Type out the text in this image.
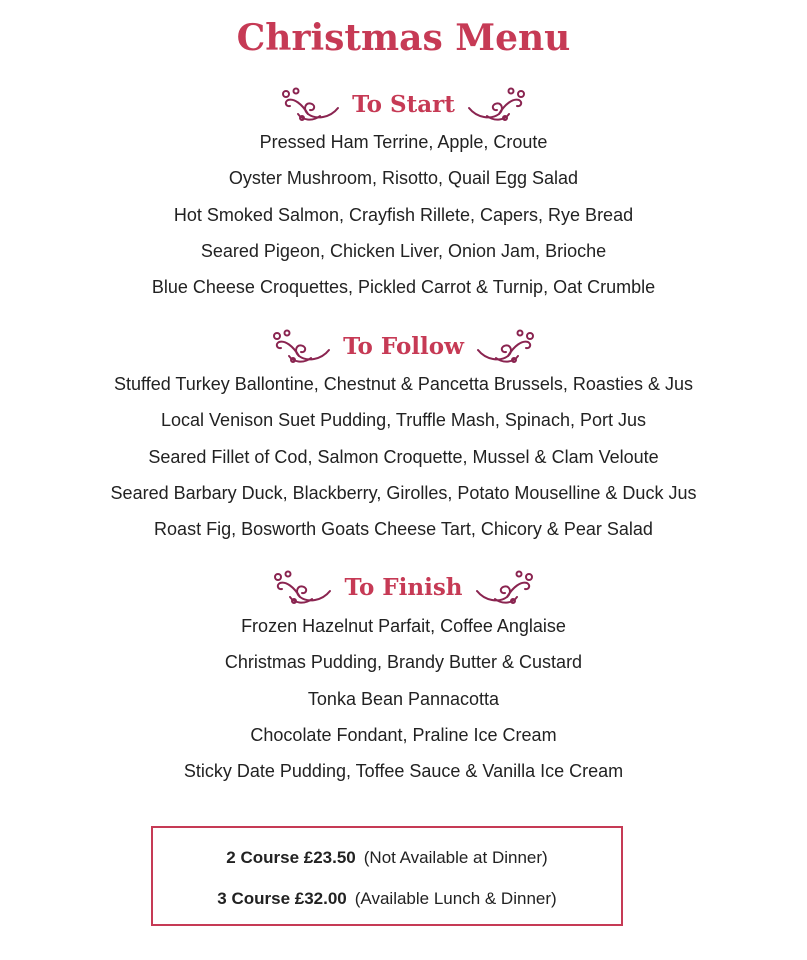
Christmas Menu
To Start
Pressed Ham Terrine, Apple, Croute
Oyster Mushroom, Risotto, Quail Egg Salad
Hot Smoked Salmon, Crayfish Rillete, Capers, Rye Bread
Seared Pigeon, Chicken Liver, Onion Jam, Brioche
Blue Cheese Croquettes, Pickled Carrot & Turnip, Oat Crumble
To Follow
Stuffed Turkey Ballontine, Chestnut & Pancetta Brussels, Roasties & Jus
Local Venison Suet Pudding, Truffle Mash, Spinach, Port Jus
Seared Fillet of Cod, Salmon Croquette, Mussel & Clam Veloute
Seared Barbary Duck, Blackberry, Girolles, Potato Mouselline & Duck Jus
Roast Fig, Bosworth Goats Cheese Tart, Chicory & Pear Salad
To Finish
Frozen Hazelnut Parfait, Coffee Anglaise
Christmas Pudding, Brandy Butter & Custard
Tonka Bean Pannacotta
Chocolate Fondant, Praline Ice Cream
Sticky Date Pudding, Toffee Sauce & Vanilla Ice Cream
2 Course £23.50 (Not Available at Dinner)
3 Course £32.00 (Available Lunch & Dinner)
